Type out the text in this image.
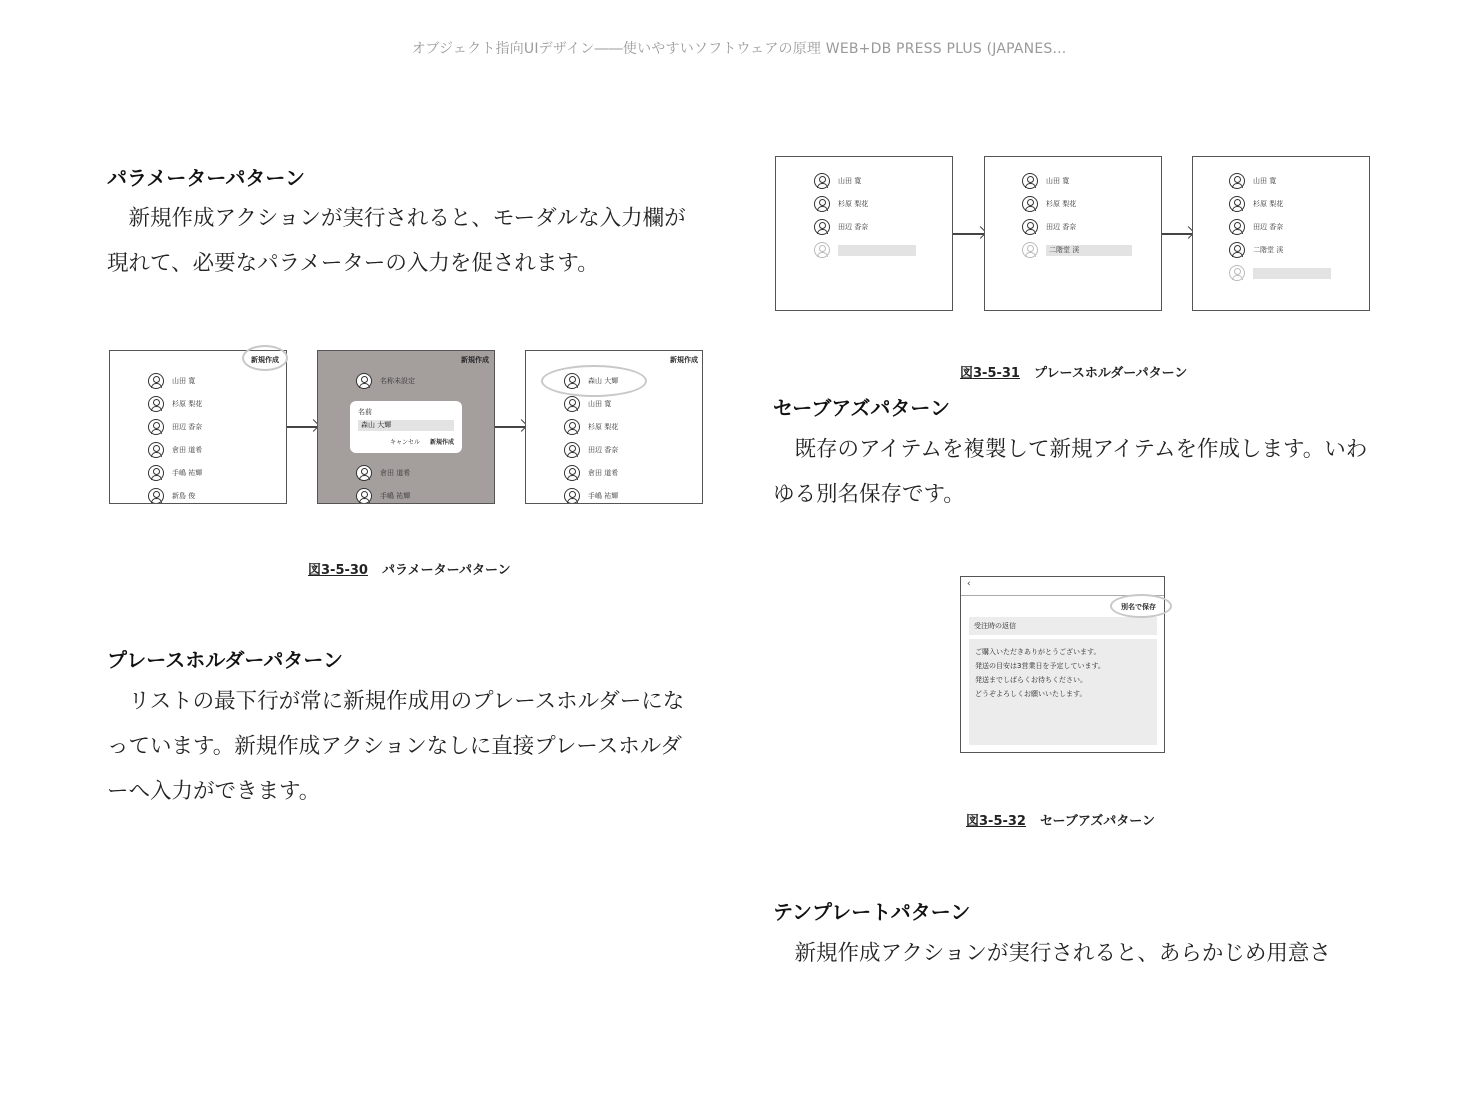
オブジェクト指向UIデザイン――使いやすいソフトウェアの原理 WEB+DB PRESS PLUS (JAPANES...
パラメーターパターン
新規作成アクションが実行されると、モーダルな入力欄が現れて、必要なパラメーターの入力を促されます。
新規作成
山田 寛
杉原 梨花
田辺 香奈
倉田 道希
手嶋 祐輝
新島 俊
新規作成
名称未設定
倉田 道希
手嶋 祐輝
名前
森山 大輝
キャンセル 新規作成
新規作成
森山 大輝
山田 寛
杉原 梨花
田辺 香奈
倉田 道希
手嶋 祐輝
図3-5-30 パラメーターパターン
プレースホルダーパターン
リストの最下行が常に新規作成用のプレースホルダーになっています。新規作成アクションなしに直接プレースホルダーへ入力ができます。
山田 寛
杉原 梨花
田辺 香奈
山田 寛
杉原 梨花
田辺 香奈
二階堂 渓
山田 寛
杉原 梨花
田辺 香奈
二階堂 渓
図3-5-31 プレースホルダーパターン
セーブアズパターン
既存のアイテムを複製して新規アイテムを作成します。いわゆる別名保存です。
‹
別名で保存
受注時の返信
ご購入いただきありがとうございます。
発送の目安は3営業日を予定しています。
発送までしばらくお待ちください。
どうぞよろしくお願いいたします。
図3-5-32 セーブアズパターン
テンプレートパターン
新規作成アクションが実行されると、あらかじめ用意さ
